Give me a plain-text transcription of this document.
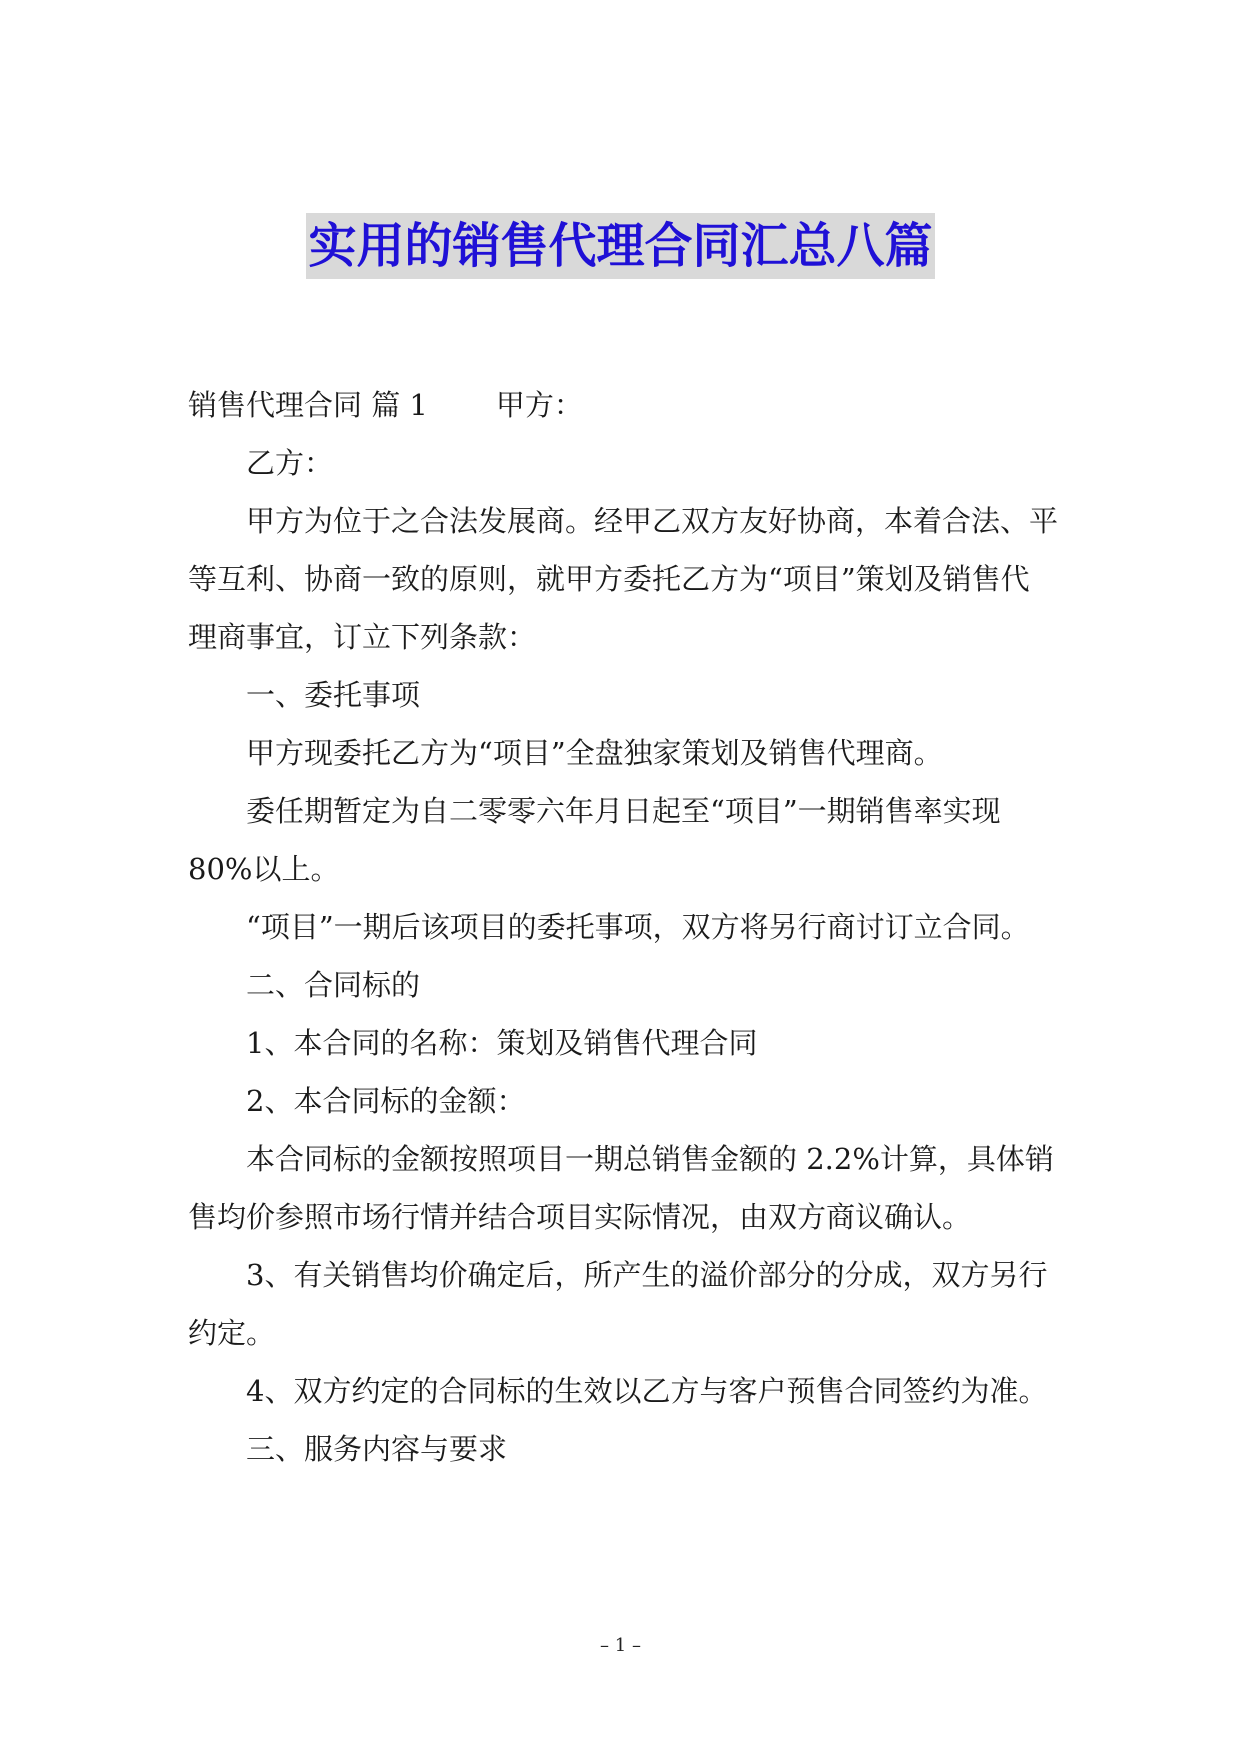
实用的销售代理合同汇总八篇
销售代理合同 篇 1 甲方：
乙方：
甲方为位于之合法发展商。经甲乙双方友好协商，本着合法、平
等互利、协商一致的原则，就甲方委托乙方为“项目”策划及销售代
理商事宜，订立下列条款：
一、委托事项
甲方现委托乙方为“项目”全盘独家策划及销售代理商。
委任期暂定为自二零零六年月日起至“项目”一期销售率实现
80%以上。
“项目”一期后该项目的委托事项，双方将另行商讨订立合同。
二、合同标的
1、本合同的名称：策划及销售代理合同
2、本合同标的金额：
本合同标的金额按照项目一期总销售金额的 2.2%计算，具体销
售均价参照市场行情并结合项目实际情况，由双方商议确认。
3、有关销售均价确定后，所产生的溢价部分的分成，双方另行
约定。
4、双方约定的合同标的生效以乙方与客户预售合同签约为准。
三、服务内容与要求
– 1 –
